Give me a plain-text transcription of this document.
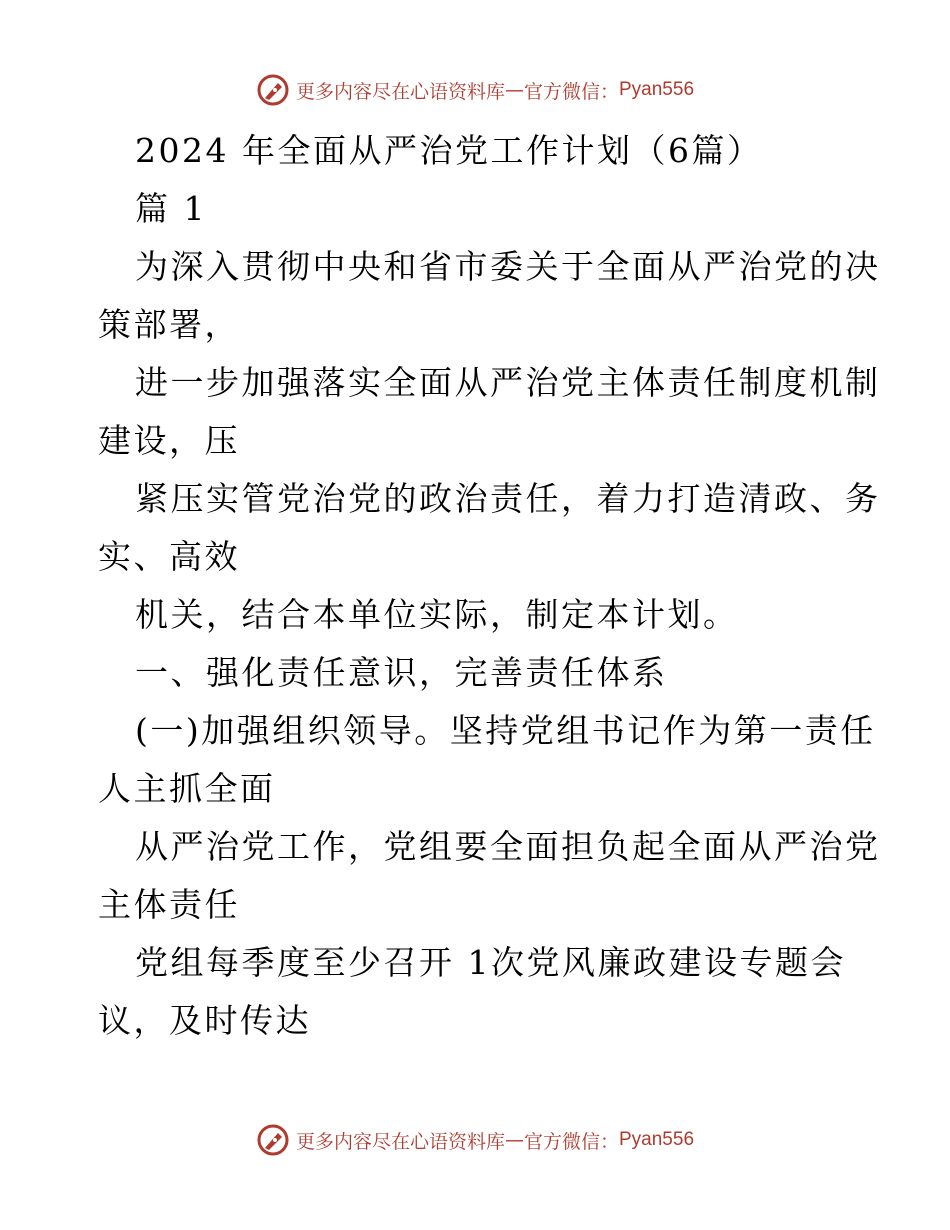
更多内容尽在心语资料库 — 官方微信： Pyan556
2024 年全面从严治党工作计划（6篇）
篇 1
为深入贯彻中央和省市委关于全面从严治党的决
策部署，
进一步加强落实全面从严治党主体责任制度机制
建设，压
紧压实管党治党的政治责任，着力打造清政、务
实、高效
机关，结合本单位实际，制定本计划。
一、强化责任意识，完善责任体系
(一)加强组织领导。坚持党组书记作为第一责任
人主抓全面
从严治党工作，党组要全面担负起全面从严治党
主体责任
党组每季度至少召开 1次党风廉政建设专题会
议，及时传达
更多内容尽在心语资料库 — 官方微信： Pyan556
